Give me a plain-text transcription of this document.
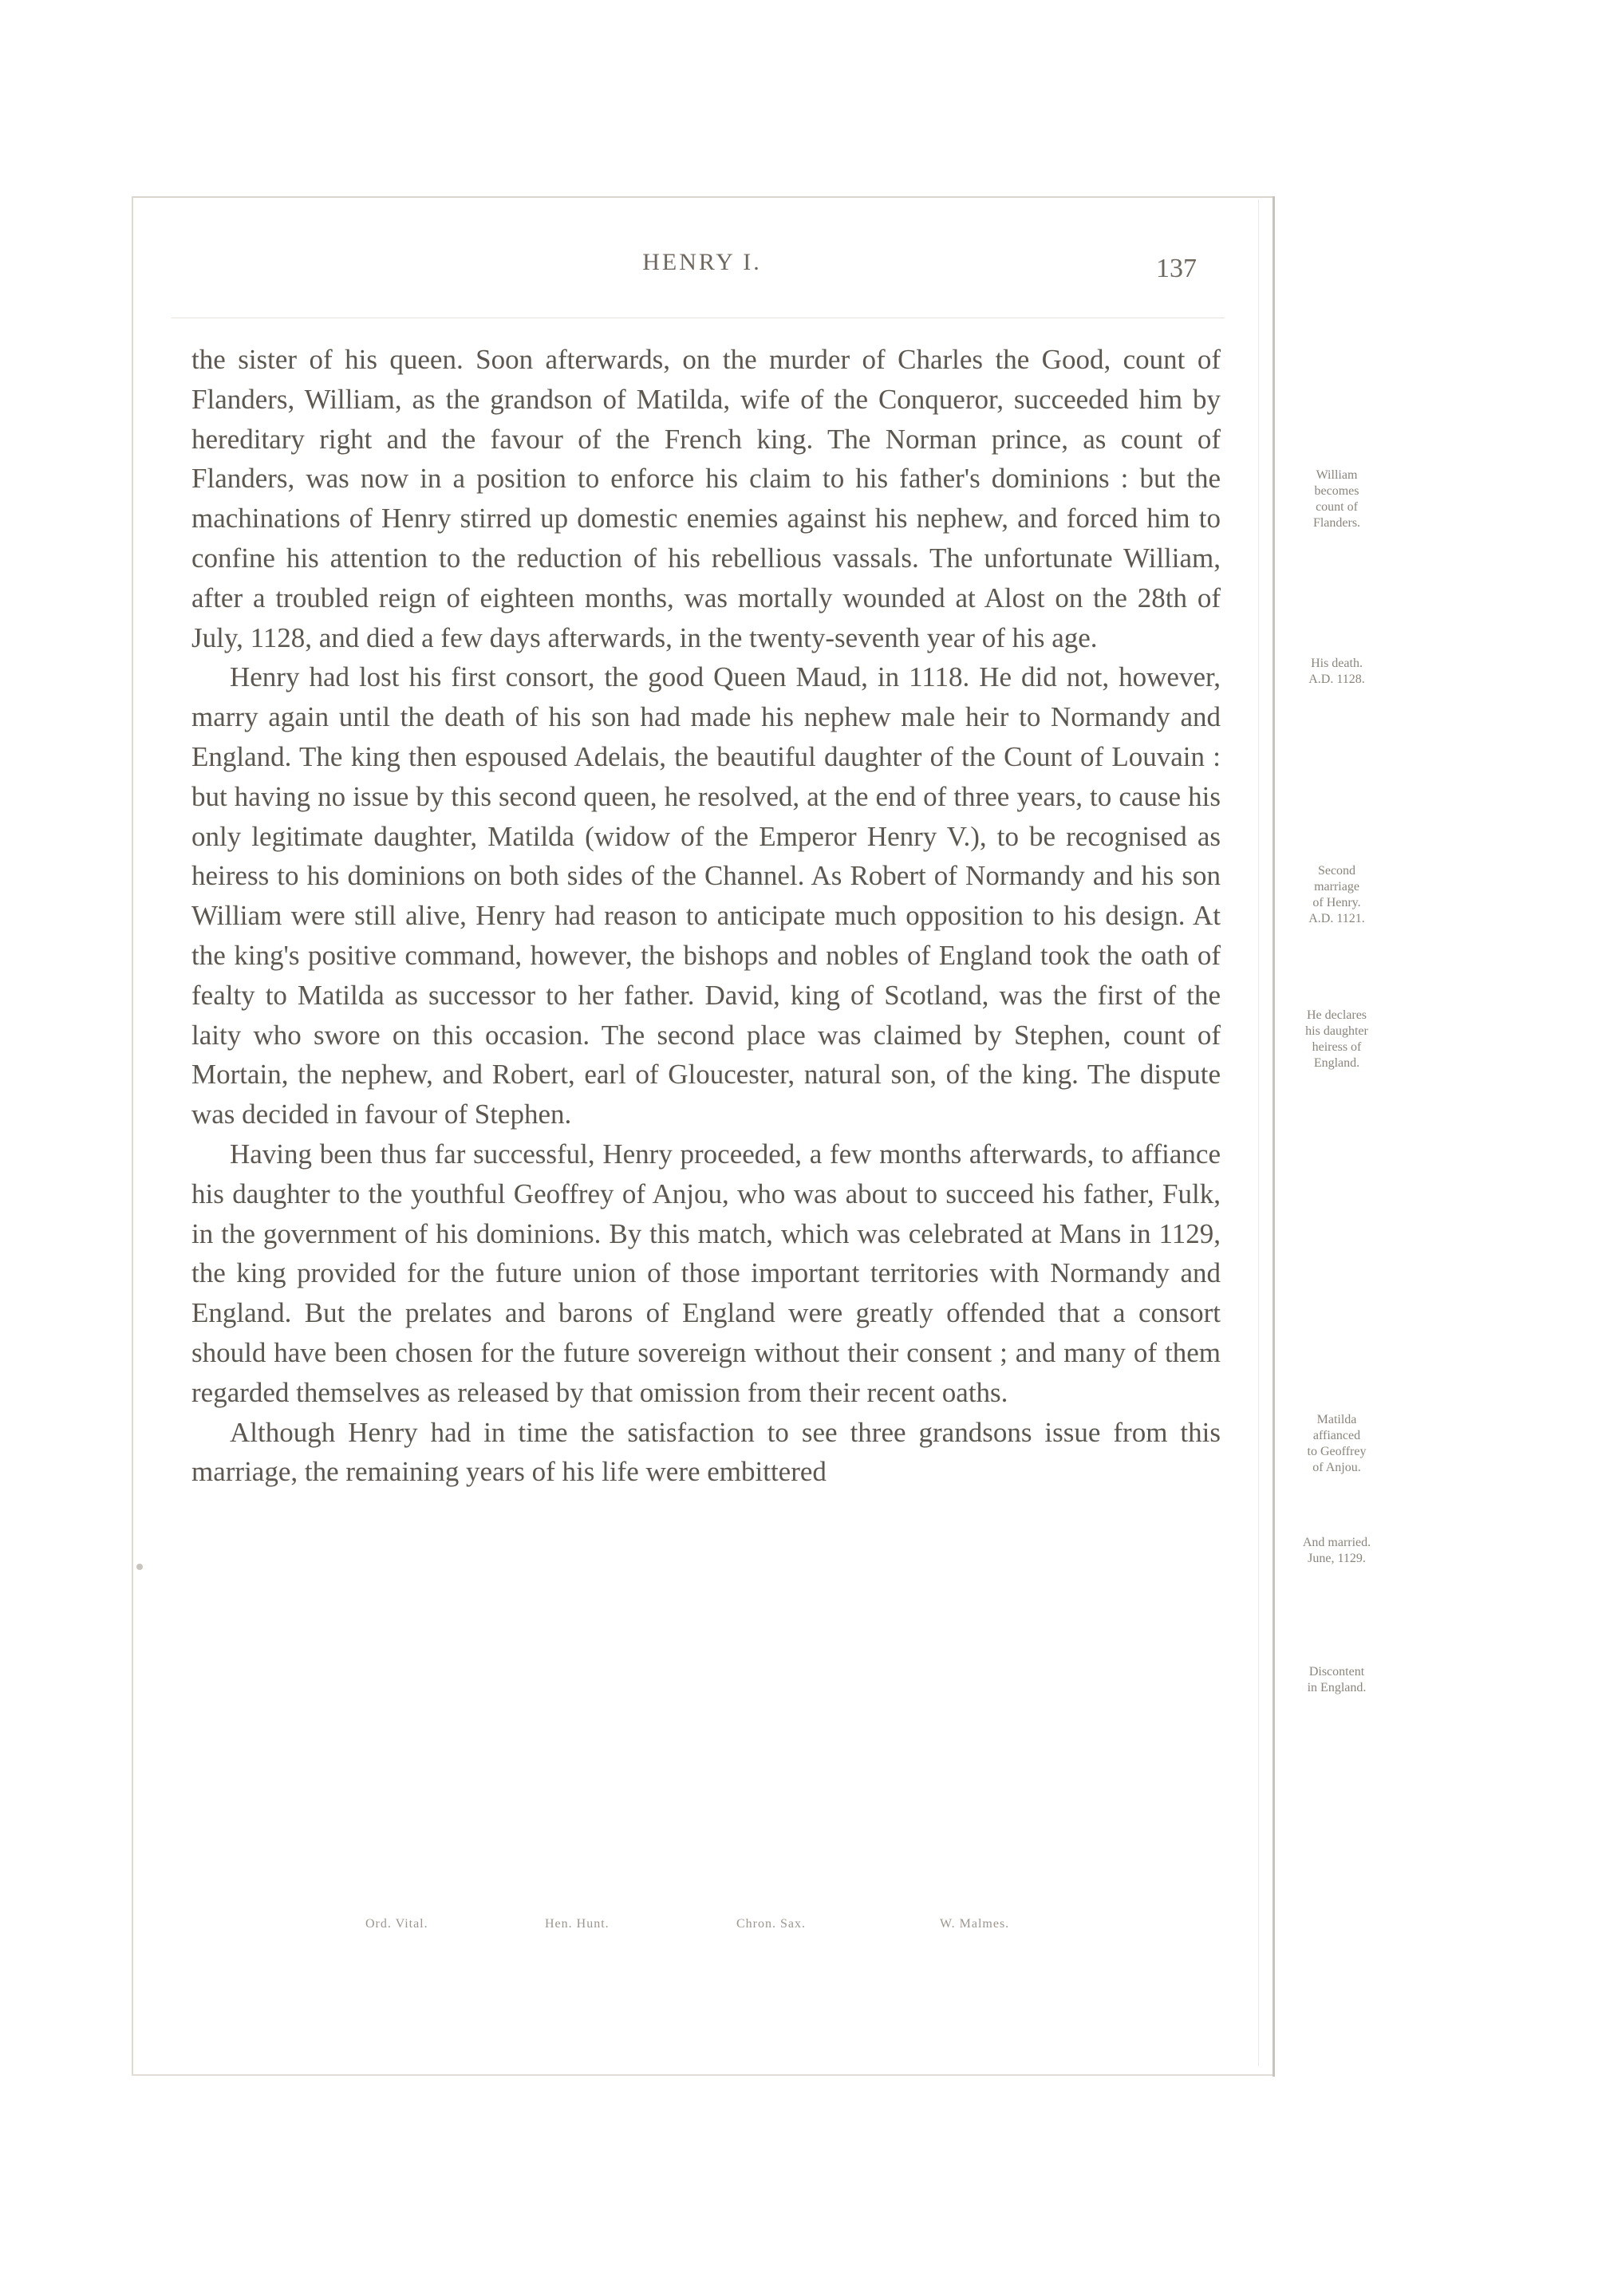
HENRY I.	137

the sister of his queen. Soon afterwards, on the murder of Charles the Good, count of Flanders, William, as the grandson of Matilda, wife of the Conqueror, succeeded him by hereditary right and the favour of the French king. The Norman prince, as count of Flanders, was now in a position to enforce his claim to his father's dominions : but the machinations of Henry stirred up domestic enemies against his nephew, and forced him to confine his attention to the reduction of his rebellious vassals. The unfortunate William, after a troubled reign of eighteen months, was mortally wounded at Alost on the 28th of July, 1128, and died a few days afterwards, in the twenty-seventh year of his age.

Henry had lost his first consort, the good Queen Maud, in 1118. He did not, however, marry again until the death of his son had made his nephew male heir to Normandy and England. The king then espoused Adelais, the beautiful daughter of the Count of Louvain : but having no issue by this second queen, he resolved, at the end of three years, to cause his only legitimate daughter, Matilda (widow of the Emperor Henry V.), to be recognised as heiress to his dominions on both sides of the Channel. As Robert of Normandy and his son William were still alive, Henry had reason to anticipate much opposition to his design. At the king's positive command, however, the bishops and nobles of England took the oath of fealty to Matilda as successor to her father. David, king of Scotland, was the first of the laity who swore on this occasion. The second place was claimed by Stephen, count of Mortain, the nephew, and Robert, earl of Gloucester, natural son, of the king. The dispute was decided in favour of Stephen.

Having been thus far successful, Henry proceeded, a few months afterwards, to affiance his daughter to the youthful Geoffrey of Anjou, who was about to succeed his father, Fulk, in the government of his dominions. By this match, which was celebrated at Mans in 1129, the king provided for the future union of those important territories with Normandy and England. But the prelates and barons of England were greatly offended that a consort should have been chosen for the future sovereign without their consent ; and many of them regarded themselves as released by that omission from their recent oaths.

Although Henry had in time the satisfaction to see three grandsons issue from this marriage, the remaining years of his life were embittered

William
becomes
count of
Flanders.
His death.
A.D. 1128.
Second
marriage
of Henry.
A.D. 1121.
He declares
his daughter
heiress of
England.
Matilda
affianced
to Geoffrey
of Anjou.
And married.
June, 1129.
Discontent
in England.
Ord. Vital.	Hen. Hunt.	Chron. Sax.	W. Malmes.
